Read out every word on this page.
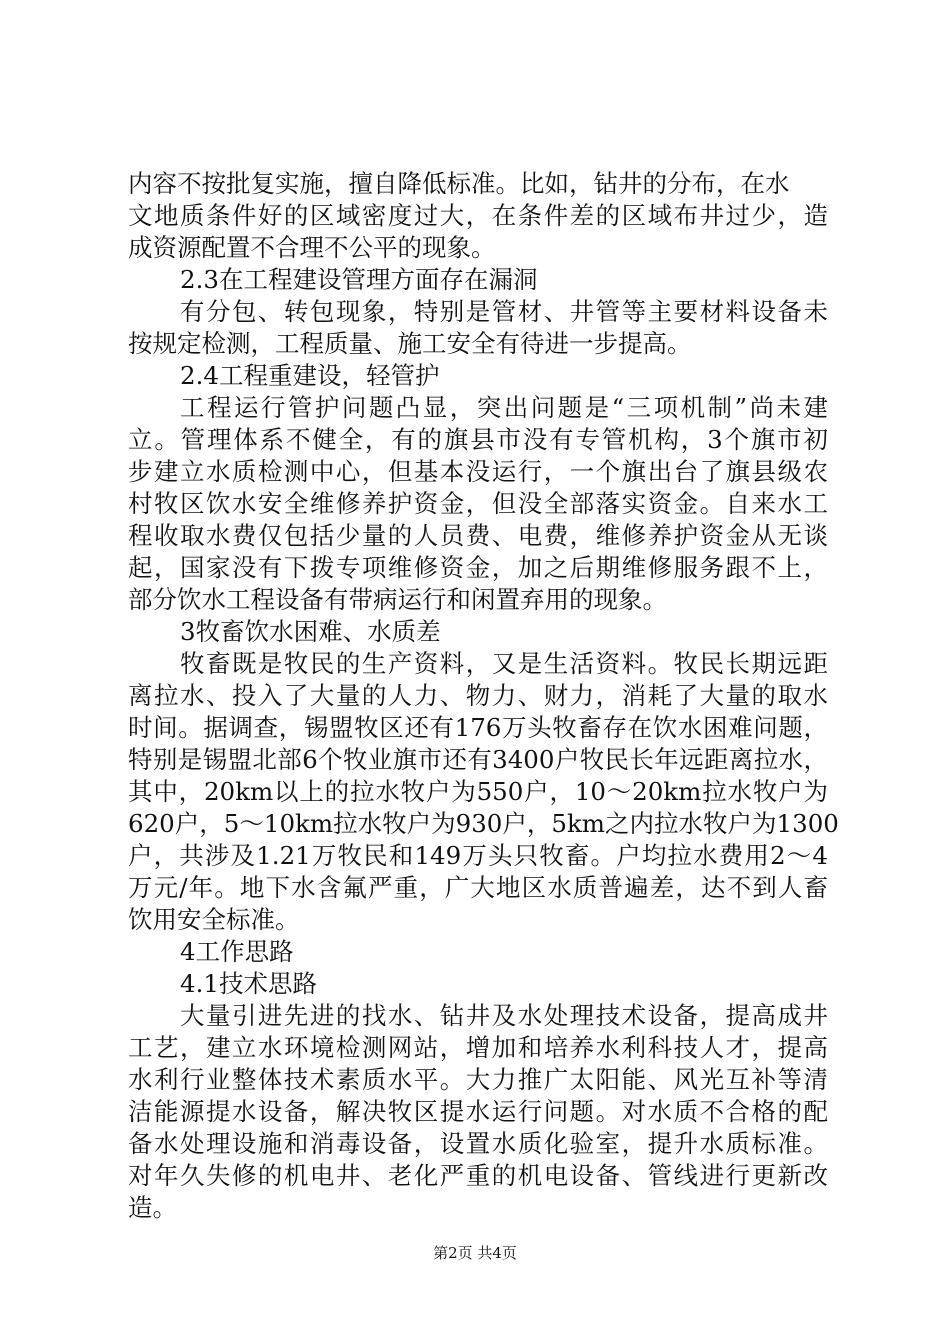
内容不按批复实施，擅自降低标准。比如，钻井的分布，在水
文地质条件好的区域密度过大，在条件差的区域布井过少，造
成资源配置不合理不公平的现象。
2.3在工程建设管理方面存在漏洞
有分包、转包现象，特别是管材、井管等主要材料设备未
按规定检测，工程质量、施工安全有待进一步提高。
2.4工程重建设，轻管护
工程运行管护问题凸显，突出问题是“三项机制”尚未建
立。管理体系不健全，有的旗县市没有专管机构，3个旗市初
步建立水质检测中心，但基本没运行，一个旗出台了旗县级农
村牧区饮水安全维修养护资金，但没全部落实资金。自来水工
程收取水费仅包括少量的人员费、电费，维修养护资金从无谈
起，国家没有下拨专项维修资金，加之后期维修服务跟不上，
部分饮水工程设备有带病运行和闲置弃用的现象。
3牧畜饮水困难、水质差
牧畜既是牧民的生产资料，又是生活资料。牧民长期远距
离拉水、投入了大量的人力、物力、财力，消耗了大量的取水
时间。据调查，锡盟牧区还有176万头牧畜存在饮水困难问题，
特别是锡盟北部6个牧业旗市还有3400户牧民长年远距离拉水，
其中，20km以上的拉水牧户为550户，10～20km拉水牧户为
620户，5～10km拉水牧户为930户，5km之内拉水牧户为1300
户，共涉及1.21万牧民和149万头只牧畜。户均拉水费用2～4
万元/年。地下水含氟严重，广大地区水质普遍差，达不到人畜
饮用安全标准。
4工作思路
4.1技术思路
大量引进先进的找水、钻井及水处理技术设备，提高成井
工艺，建立水环境检测网站，增加和培养水利科技人才，提高
水利行业整体技术素质水平。大力推广太阳能、风光互补等清
洁能源提水设备，解决牧区提水运行问题。对水质不合格的配
备水处理设施和消毒设备，设置水质化验室，提升水质标准。
对年久失修的机电井、老化严重的机电设备、管线进行更新改
造。
第2页 共4页
